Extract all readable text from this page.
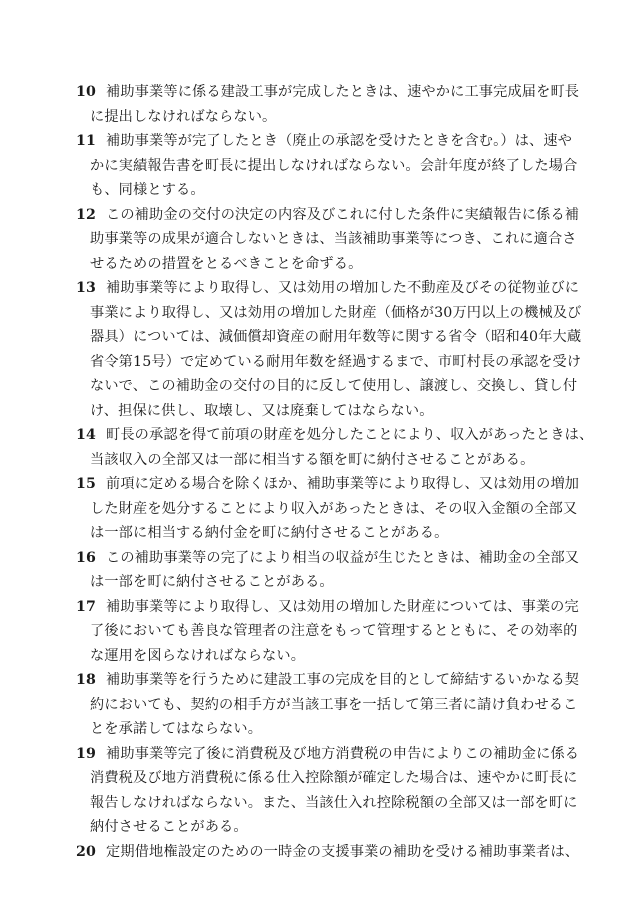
10 補助事業等に係る建設工事が完成したときは、速やかに工事完成届を町長
に提出しなければならない。
11 補助事業等が完了したとき（廃止の承認を受けたときを含む。）は、速や
かに実績報告書を町長に提出しなければならない。会計年度が終了した場合
も、同様とする。
12 この補助金の交付の決定の内容及びこれに付した条件に実績報告に係る補
助事業等の成果が適合しないときは、当該補助事業等につき、これに適合さ
せるための措置をとるべきことを命ずる。
13 補助事業等により取得し、又は効用の増加した不動産及びその従物並びに
事業により取得し、又は効用の増加した財産（価格が30万円以上の機械及び
器具）については、減価償却資産の耐用年数等に関する省令（昭和40年大蔵
省令第15号）で定めている耐用年数を経過するまで、市町村長の承認を受け
ないで、この補助金の交付の目的に反して使用し、譲渡し、交換し、貸し付
け、担保に供し、取壊し、又は廃棄してはならない。
14 町長の承認を得て前項の財産を処分したことにより、収入があったときは、
当該収入の全部又は一部に相当する額を町に納付させることがある。
15 前項に定める場合を除くほか、補助事業等により取得し、又は効用の増加
した財産を処分することにより収入があったときは、その収入金額の全部又
は一部に相当する納付金を町に納付させることがある。
16 この補助事業等の完了により相当の収益が生じたときは、補助金の全部又
は一部を町に納付させることがある。
17 補助事業等により取得し、又は効用の増加した財産については、事業の完
了後においても善良な管理者の注意をもって管理するとともに、その効率的
な運用を図らなければならない。
18 補助事業等を行うために建設工事の完成を目的として締結するいかなる契
約においても、契約の相手方が当該工事を一括して第三者に請け負わせるこ
とを承諾してはならない。
19 補助事業等完了後に消費税及び地方消費税の申告によりこの補助金に係る
消費税及び地方消費税に係る仕入控除額が確定した場合は、速やかに町長に
報告しなければならない。また、当該仕入れ控除税額の全部又は一部を町に
納付させることがある。
20 定期借地権設定のための一時金の支援事業の補助を受ける補助事業者は、
